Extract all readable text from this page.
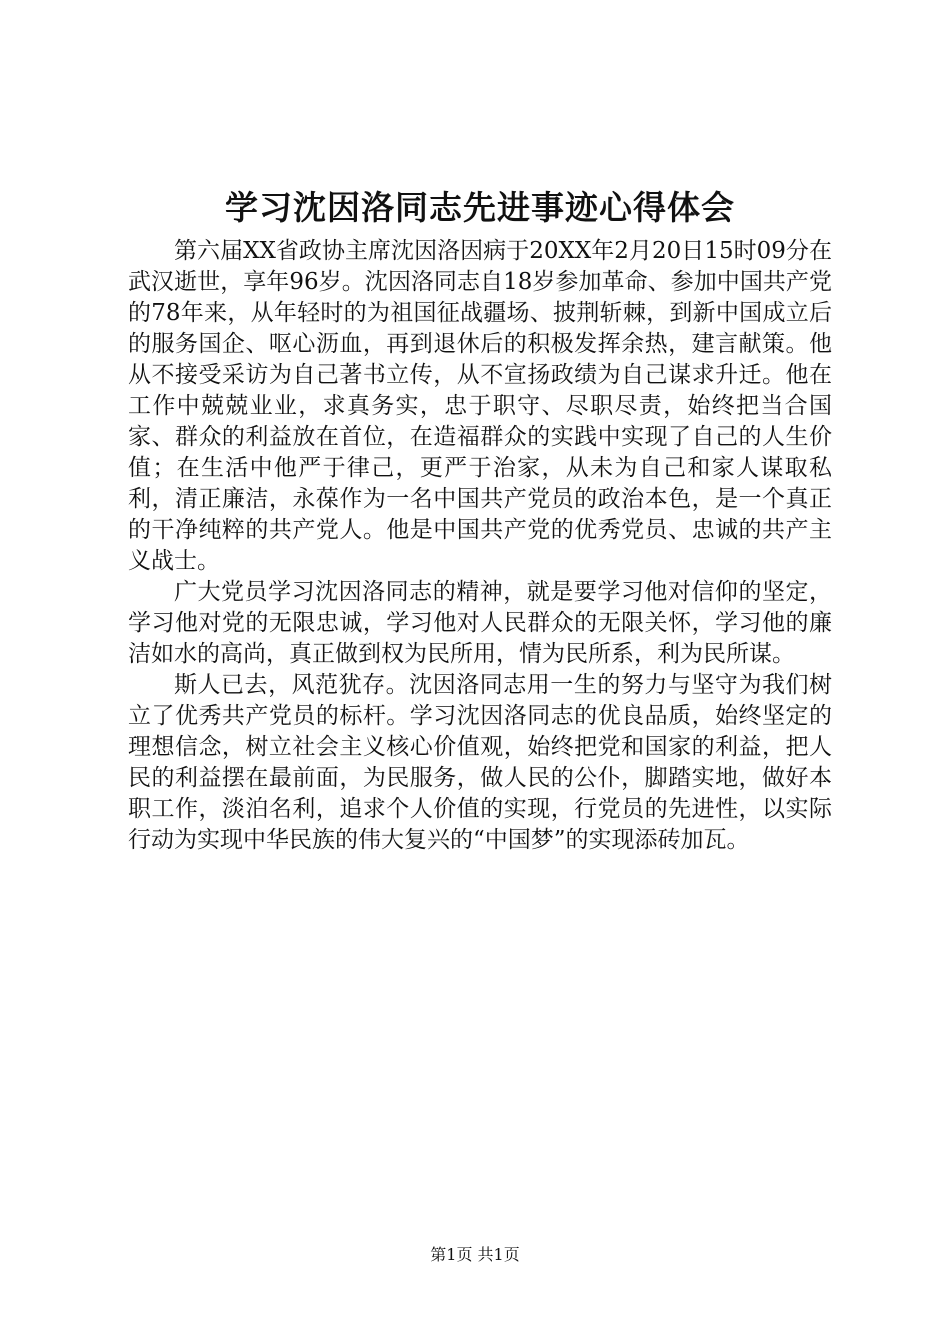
学习沈因洛同志先进事迹心得体会

第六届XX省政协主席沈因洛因病于20XX年2月20日15时09分在武汉逝世，享年96岁。沈因洛同志自18岁参加革命、参加中国共产党的78年来，从年轻时的为祖国征战疆场、披荆斩棘，到新中国成立后的服务国企、呕心沥血，再到退休后的积极发挥余热，建言献策。他从不接受采访为自己著书立传，从不宣扬政绩为自己谋求升迁。他在工作中兢兢业业，求真务实，忠于职守、尽职尽责，始终把当合国家、群众的利益放在首位，在造福群众的实践中实现了自己的人生价值；在生活中他严于律己，更严于治家，从未为自己和家人谋取私利，清正廉洁，永葆作为一名中国共产党员的政治本色，是一个真正的干净纯粹的共产党人。他是中国共产党的优秀党员、忠诚的共产主义战士。

广大党员学习沈因洛同志的精神，就是要学习他对信仰的坚定，学习他对党的无限忠诚，学习他对人民群众的无限关怀，学习他的廉洁如水的高尚，真正做到权为民所用，情为民所系，利为民所谋。

斯人已去，风范犹存。沈因洛同志用一生的努力与坚守为我们树立了优秀共产党员的标杆。学习沈因洛同志的优良品质，始终坚定的理想信念，树立社会主义核心价值观，始终把党和国家的利益，把人民的利益摆在最前面，为民服务，做人民的公仆，脚踏实地，做好本职工作，淡泊名利，追求个人价值的实现，行党员的先进性，以实际行动为实现中华民族的伟大复兴的“中国梦”的实现添砖加瓦。

第1页 共1页
